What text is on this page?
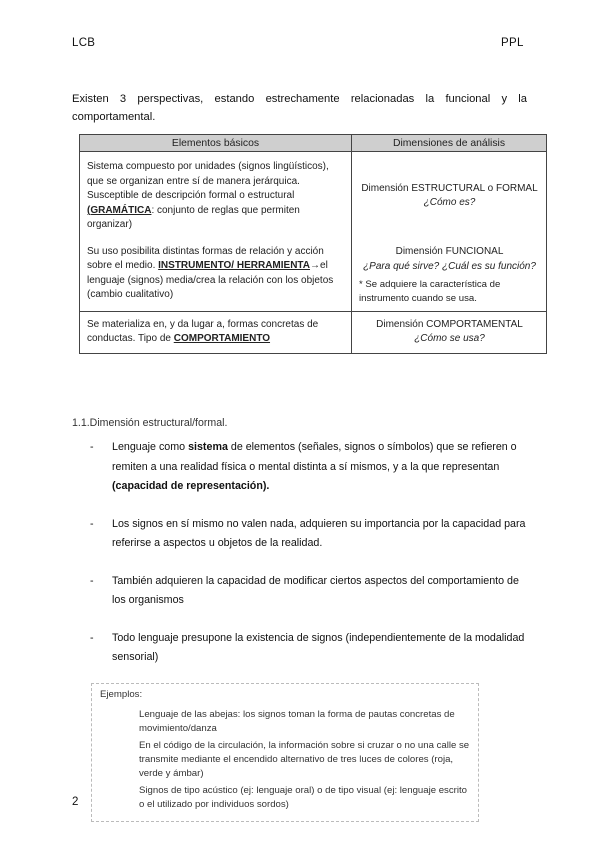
LCB	PPL
Existen 3 perspectivas, estando estrechamente relacionadas la funcional y la comportamental.
Elementos básicos	Dimensiones de análisis
Sistema compuesto por unidades (signos lingüísticos), que se organizan entre sí de manera jerárquica. Susceptible de descripción formal o estructural (GRAMÁTICA: conjunto de reglas que permiten organizar)	Dimensión ESTRUCTURAL o FORMAL
¿Cómo es?

Su uso posibilita distintas formas de relación y acción sobre el medio. INSTRUMENTO/ HERRAMIENTA→el lenguaje (signos) media/crea la relación con los objetos (cambio cualitativo)	Dimensión FUNCIONAL
¿Para qué sirve? ¿Cuál es su función?
* Se adquiere la característica de instrumento cuando se usa.

Se materializa en, y da lugar a, formas concretas de conductas. Tipo de COMPORTAMIENTO	Dimensión COMPORTAMENTAL
¿Cómo se usa?
1.1.Dimensión estructural/formal.
-	Lenguaje como sistema de elementos (señales, signos o símbolos) que se refieren o remiten a una realidad física o mental distinta a sí mismos, y a la que representan (capacidad de representación).
-	Los signos en sí mismo no valen nada, adquieren su importancia por la capacidad para referirse a aspectos u objetos de la realidad.
-	También adquieren la capacidad de modificar ciertos aspectos del comportamiento de los organismos
-	Todo lenguaje presupone la existencia de signos (independientemente de la modalidad sensorial)
Ejemplos:
Lenguaje de las abejas: los signos toman la forma de pautas concretas de movimiento/danza
En el código de la circulación, la información sobre si cruzar o no una calle se transmite mediante el encendido alternativo de tres luces de colores (roja, verde y ámbar)
Signos de tipo acústico (ej: lenguaje oral) o de tipo visual (ej: lenguaje escrito o el utilizado por individuos sordos)
2
